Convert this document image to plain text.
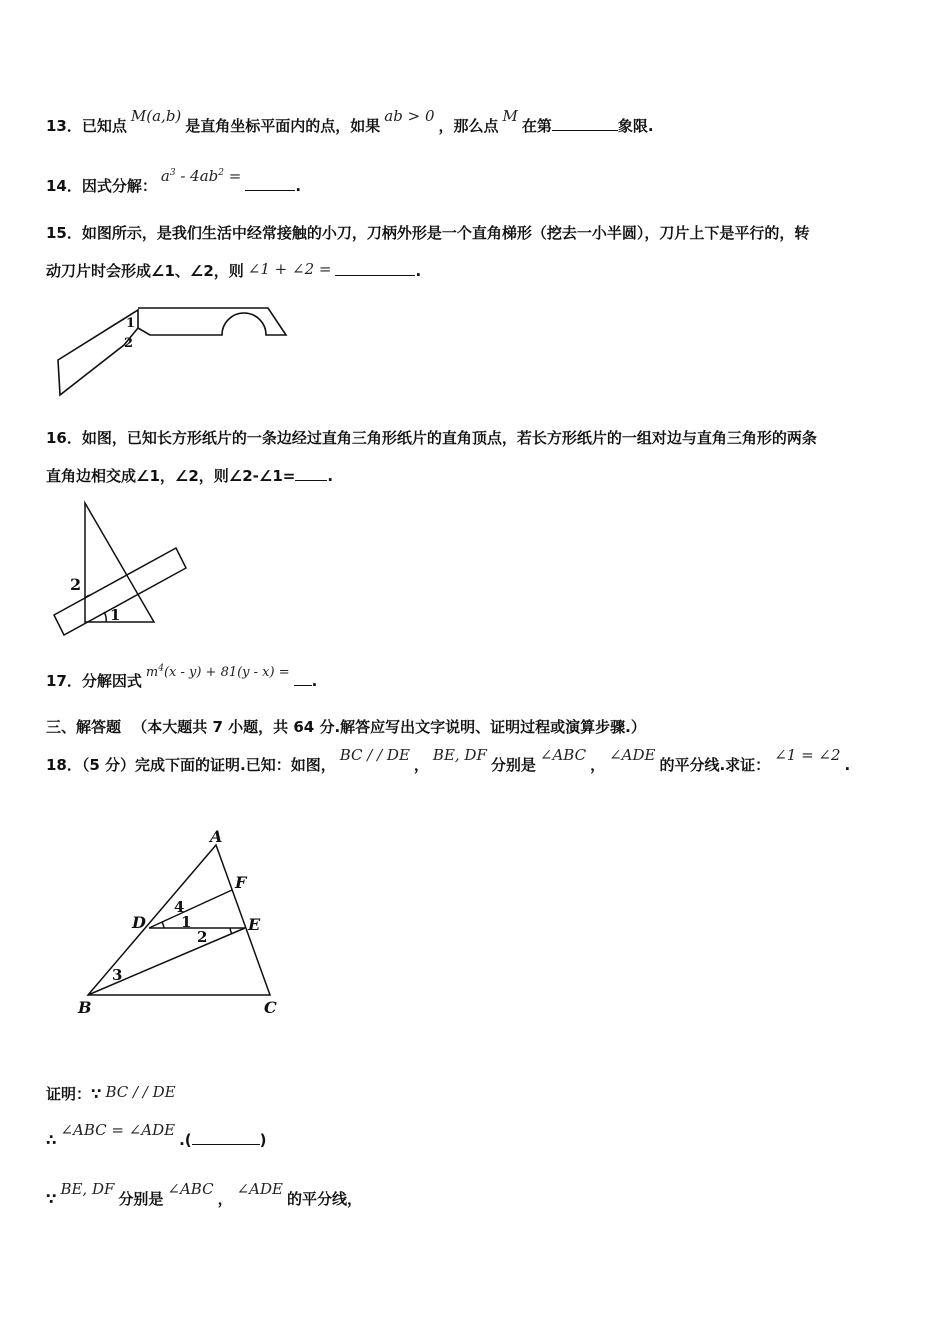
13．已知点M(a,b)是直角坐标平面内的点，如果ab > 0，那么点M在第	象限.
14．因式分解：$a^3 - 4ab^2$ =.
15．如图所示，是我们生活中经常接触的小刀，刀柄外形是一个直角梯形（挖去一小半圆），刀片上下是平行的，转
动刀片时会形成∠1、∠2，则 ∠1 + ∠2 =	.
1
2
16．如图，已知长方形纸片的一条边经过直角三角形纸片的直角顶点，若长方形纸片的一组对边与直角三角形的两条
直角边相交成∠1，∠2，则∠2-∠1= .
2
1
17．分解因式 $m^4(x - y) + 81(y - x)$ = .
三、解答题 （本大题共 7 小题，共 64 分.解答应写出文字说明、证明过程或演算步骤.）
18．（5 分）完成下面的证明.已知：如图，BC / / DE，BE, DF分别是∠ABC，∠ADE的平分线.求证：∠1 = ∠2.
A
B	C
D	E
F
1
2
3
4
证明：∵ BC / / DE
∴∠ABC = ∠ADE.(	)
∵BE, DF分别是∠ABC，∠ADE的平分线，
